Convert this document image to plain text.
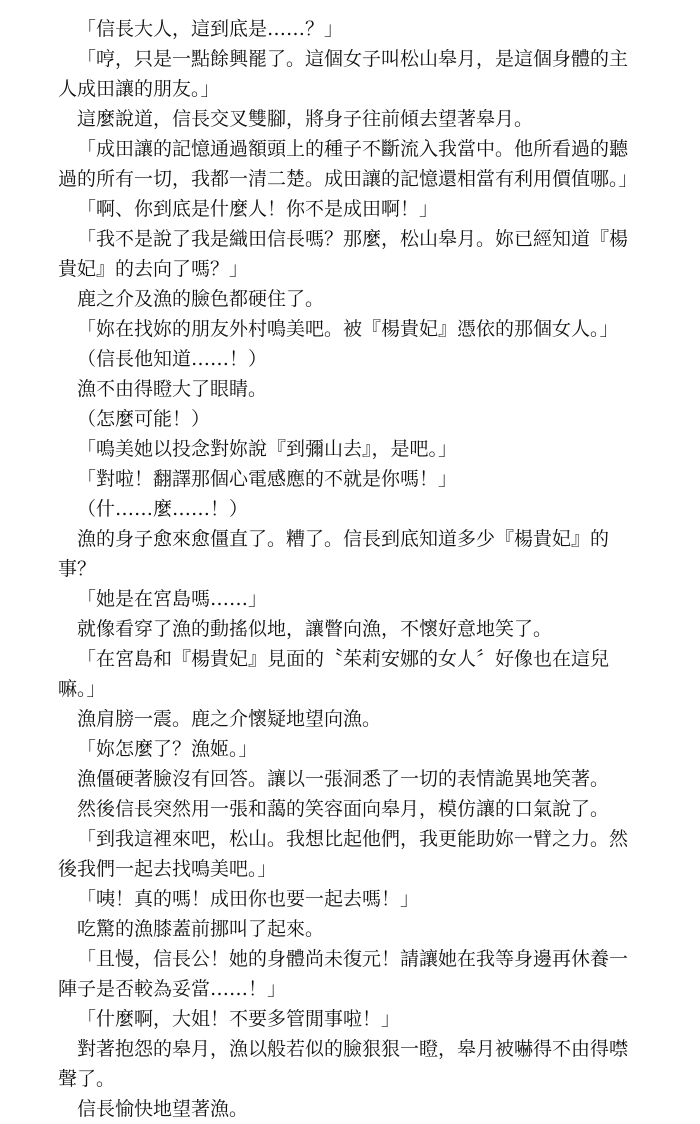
「信長大人，這到底是……？」

「哼，只是一點餘興罷了。這個女子叫松山皋月，是這個身體的主人成田讓的朋友。」

這麼說道，信長交叉雙腳，將身子往前傾去望著皋月。

「成田讓的記憶通過額頭上的種子不斷流入我當中。他所看過的聽過的所有一切，我都一清二楚。成田讓的記憶還相當有利用價值哪。」

「啊、你到底是什麼人！你不是成田啊！」

「我不是說了我是織田信長嗎？那麼，松山皋月。妳已經知道『楊貴妃』的去向了嗎？」

鹿之介及漁的臉色都硬住了。

「妳在找妳的朋友外村鳴美吧。被『楊貴妃』憑依的那個女人。」

（信長他知道……！）

漁不由得瞪大了眼睛。

（怎麼可能！）

「鳴美她以投念對妳說『到彌山去』，是吧。」

「對啦！翻譯那個心電感應的不就是你嗎！」

（什……麼……！）

漁的身子愈來愈僵直了。糟了。信長到底知道多少『楊貴妃』的事？

「她是在宮島嗎……」

就像看穿了漁的動搖似地，讓瞥向漁，不懷好意地笑了。

「在宮島和『楊貴妃』見面的〝茱莉安娜的女人〞好像也在這兒嘛。」

漁肩膀一震。鹿之介懷疑地望向漁。

「妳怎麼了？漁姬。」

漁僵硬著臉沒有回答。讓以一張洞悉了一切的表情詭異地笑著。

然後信長突然用一張和藹的笑容面向皋月，模仿讓的口氣說了。

「到我這裡來吧，松山。我想比起他們，我更能助妳一臂之力。然後我們一起去找鳴美吧。」

「咦！真的嗎！成田你也要一起去嗎！」

吃驚的漁膝蓋前挪叫了起來。

「且慢，信長公！她的身體尚未復元！請讓她在我等身邊再休養一陣子是否較為妥當……！」

「什麼啊，大姐！不要多管閒事啦！」

對著抱怨的皋月，漁以般若似的臉狠狠一瞪，皋月被嚇得不由得噤聲了。

信長愉快地望著漁。
